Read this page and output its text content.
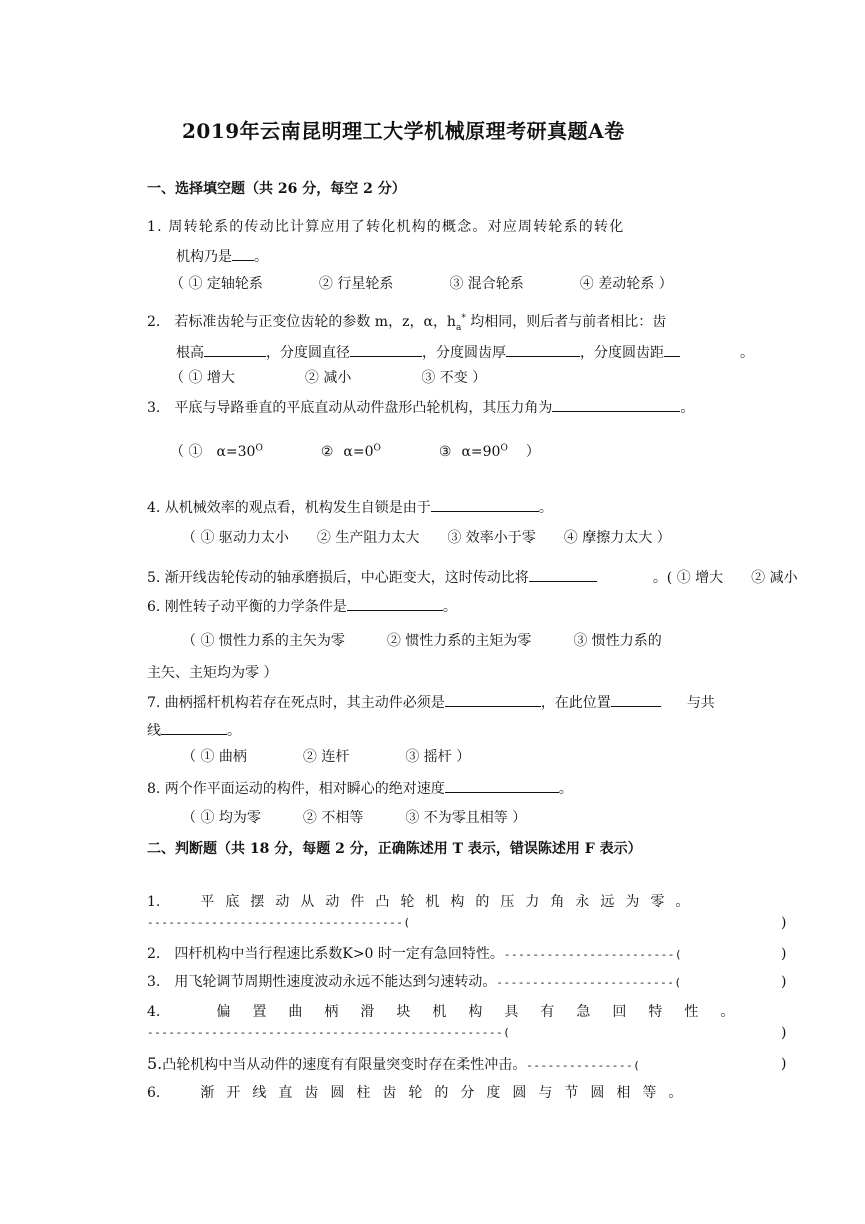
2019年云南昆明理工大学机械原理考研真题A卷
一、选择填空题（共 26 分，每空 2 分）
1. 周转轮系的传动比计算应用了转化机构的概念。对应周转轮系的转化
机构乃是 。
（ ① 定轴轮系　　　　② 行星轮系　　　　③ 混合轮系　　　　④ 差动轮系 ）
2.　若标准齿轮与正变位齿轮的参数 m，z，α，$h_a^*$ 均相同，则后者与前者相比：齿
根高	，分度圆直径	，分度圆齿厚	，分度圆齿距	。
（ ① 增大　　　　　② 减小　　　　　③ 不变 ）
3.　平底与导路垂直的平底直动从动件盘形凸轮机构，其压力角为	。
（ ① $\alpha=30^O$	② $\alpha=0^O$	③ $\alpha=90^O$ ）
4. 从机械效率的观点看，机构发生自锁是由于	。
（ ① 驱动力太小　　② 生产阻力太大　　③ 效率小于零　　④ 摩擦力太大 ）
5. 渐开线齿轮传动的轴承磨损后，中心距变大，这时传动比将	。( ① 增大　　② 减小
6. 刚性转子动平衡的力学条件是	。
（ ① 惯性力系的主矢为零　　　② 惯性力系的主矩为零　　　③ 惯性力系的
主矢、主矩均为零 ）
7. 曲柄摇杆机构若存在死点时，其主动件必须是	，在此位置	与共
线	。
（ ① 曲柄　　　　② 连杆　　　　③ 摇杆 ）
8. 两个作平面运动的构件，相对瞬心的绝对速度	。
（ ① 均为零　　　② 不相等　　　③ 不为零且相等 ）
二、判断题（共 18 分，每题 2 分，正确陈述用 T 表示，错误陈述用 F 表示）
1.	平底摆动从动件凸轮机构的压力角永远为零。
------------------------------------(	)
2. 四杆机构中当行程速比系数K>0 时一定有急回特性。------------------------(	)
3. 用飞轮调节周期性速度波动永远不能达到匀速转动。-------------------------(	)
4.	偏置曲柄滑块机构具有急回特性。
--------------------------------------------------(	)
5.凸轮机构中当从动件的速度有有限量突变时存在柔性冲击。---------------(	)
6.	渐开线直齿圆柱齿轮的分度圆与节圆相等。
